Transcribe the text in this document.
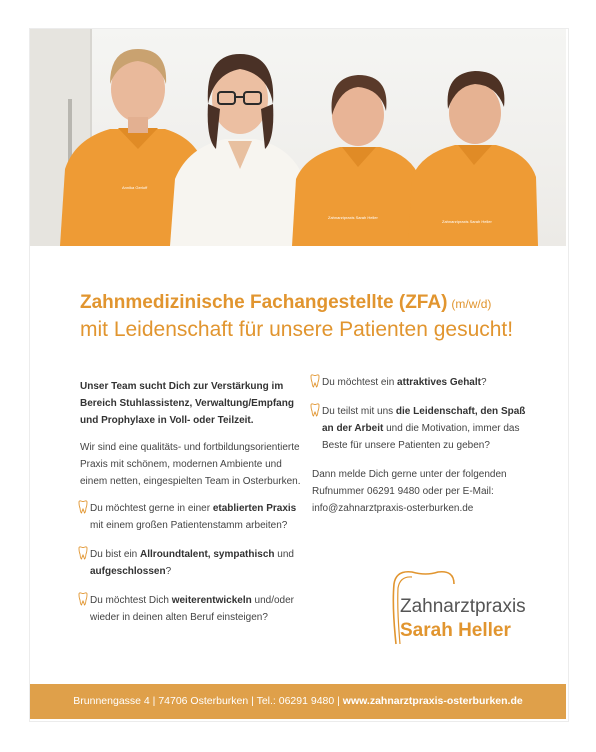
Annika Gerloff
Zahnarztpraxis Sarah Heller
Zahnarztpraxis Sarah Heller
Zahnmedizinische Fachangestellte (ZFA) (m/w/d)
mit Leidenschaft für unsere Patienten gesucht!

Unser Team sucht Dich zur Verstärkung im Bereich Stuhlassistenz, Verwaltung/Empfang und Prophylaxe in Voll- oder Teilzeit.

Wir sind eine qualitäts- und fortbildungsorientierte Praxis mit schönem, modernen Ambiente und einem netten, eingespielten Team in Osterburken.

Du möchtest gerne in einer etablierten Praxis mit einem großen Patientenstamm arbeiten?
Du bist ein Allroundtalent, sympathisch und aufgeschlossen?
Du möchtest Dich weiterentwickeln und/oder wieder in deinen alten Beruf einsteigen?
Du möchtest ein attraktives Gehalt?
Du teilst mit uns die Leidenschaft, den Spaß an der Arbeit und die Motivation, immer das Beste für unsere Patienten zu geben?

Dann melde Dich gerne unter der folgenden Rufnummer 06291 9480 oder per E-Mail: info@zahnarztpraxis-osterburken.de

Zahnarztpraxis
Sarah Heller
Brunnengasse 4 | 74706 Osterburken | Tel.: 06291 9480 | www.zahnarztpraxis-osterburken.de
